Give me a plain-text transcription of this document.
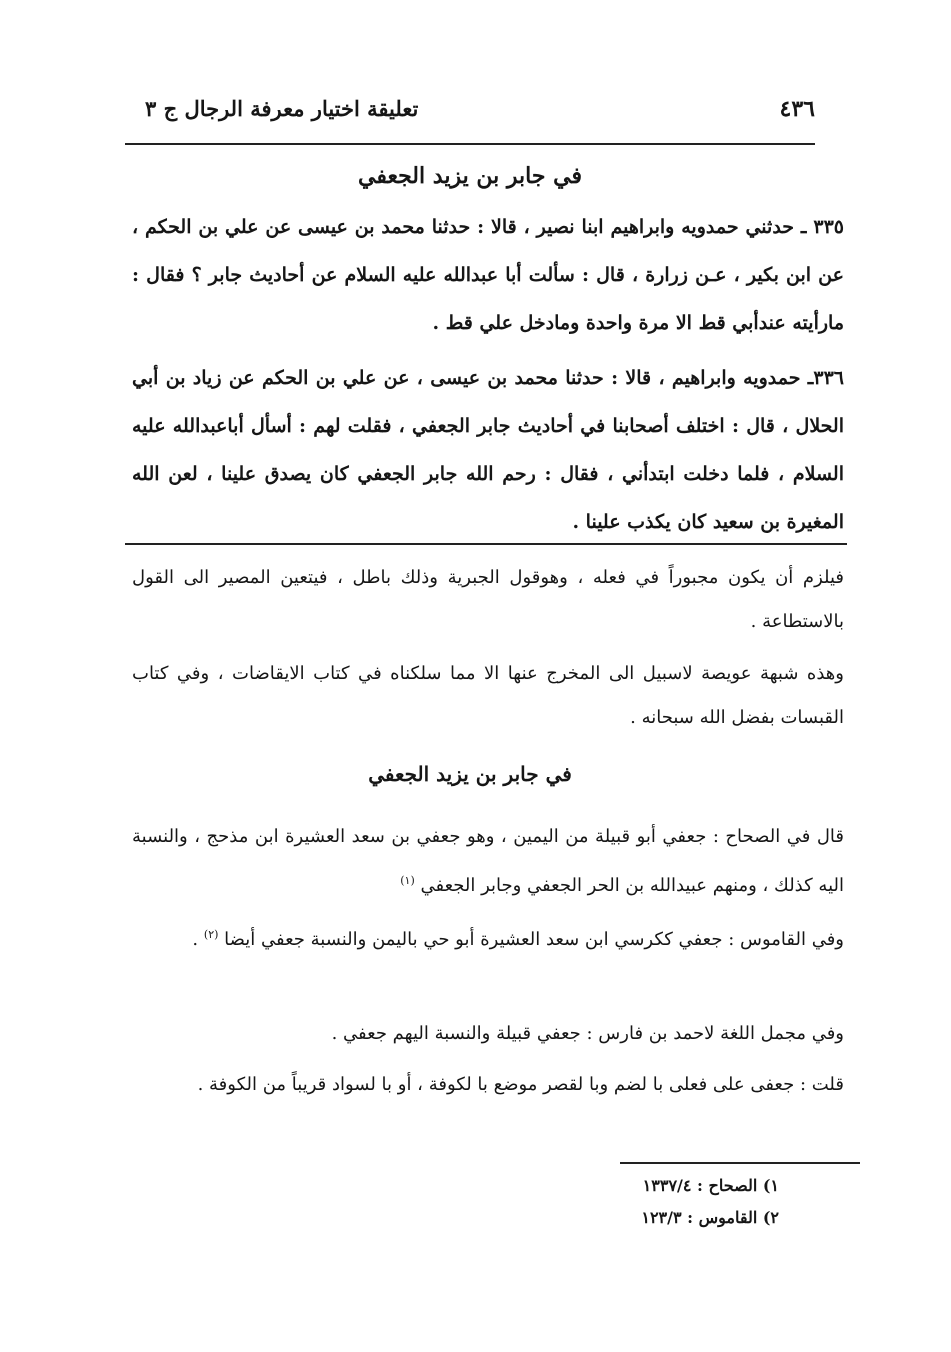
٤٣٦
تعليقة اختيار معرفة الرجال ج ٣
في جابر بن يزيد الجعفي

٣٣٥ ـ حدثني حمدويه وابراهيم ابنا نصير ، قالا : حدثنا محمد بن عيسى عن علي بن الحكم ، عن ابن بكير ، عـن زرارة ، قال : سألت أبا عبدالله عليه السلام عن أحاديث جابر ؟ فقال : مارأيته عندأبي قط الا مرة واحدة ومادخل علي قط .

٣٣٦ـ حمدويه وابراهيم ، قالا : حدثنا محمد بن عيسى ، عن علي بن الحكم عن زياد بن أبي الحلال ، قال : اختلف أصحابنا في أحاديث جابر الجعفي ، فقلت لهم : أسأل أباعبدالله عليه السلام ، فلما دخلت ابتدأني ، فقال : رحم الله جابر الجعفي كان يصدق علينا ، لعن الله المغيرة بن سعيد كان يكذب علينا .

فيلزم أن يكون مجبوراً في فعله ، وهوقول الجبرية وذلك باطل ، فيتعين المصير الى القول بالاستطاعة .

وهذه شبهة عويصة لاسبيل الى المخرج عنها الا مما سلكناه في كتاب الايقاضات ، وفي كتاب القبسات بفضل الله سبحانه .

في جابر بن يزيد الجعفي

قال في الصحاح : جعفي أبو قبيلة من اليمين ، وهو جعفي بن سعد العشيرة ابن مذحج ، والنسبة اليه كذلك ، ومنهم عبيدالله بن الحر الجعفي وجابر الجعفي $^{(١)}$

وفي القاموس : جعفي ككرسي ابن سعد العشيرة أبو حي باليمن والنسبة جعفي أيضا $^{(٢)}$ .

وفي مجمل اللغة لاحمد بن فارس : جعفي قبيلة والنسبة اليهم جعفي .

قلت : جعفى على فعلى با لضم وبا لقصر موضع با لكوفة ، أو با لسواد قريباً من الكوفة .

١) الصحاح : ١٣٣٧/٤
٢) القاموس : ١٢٣/٣
